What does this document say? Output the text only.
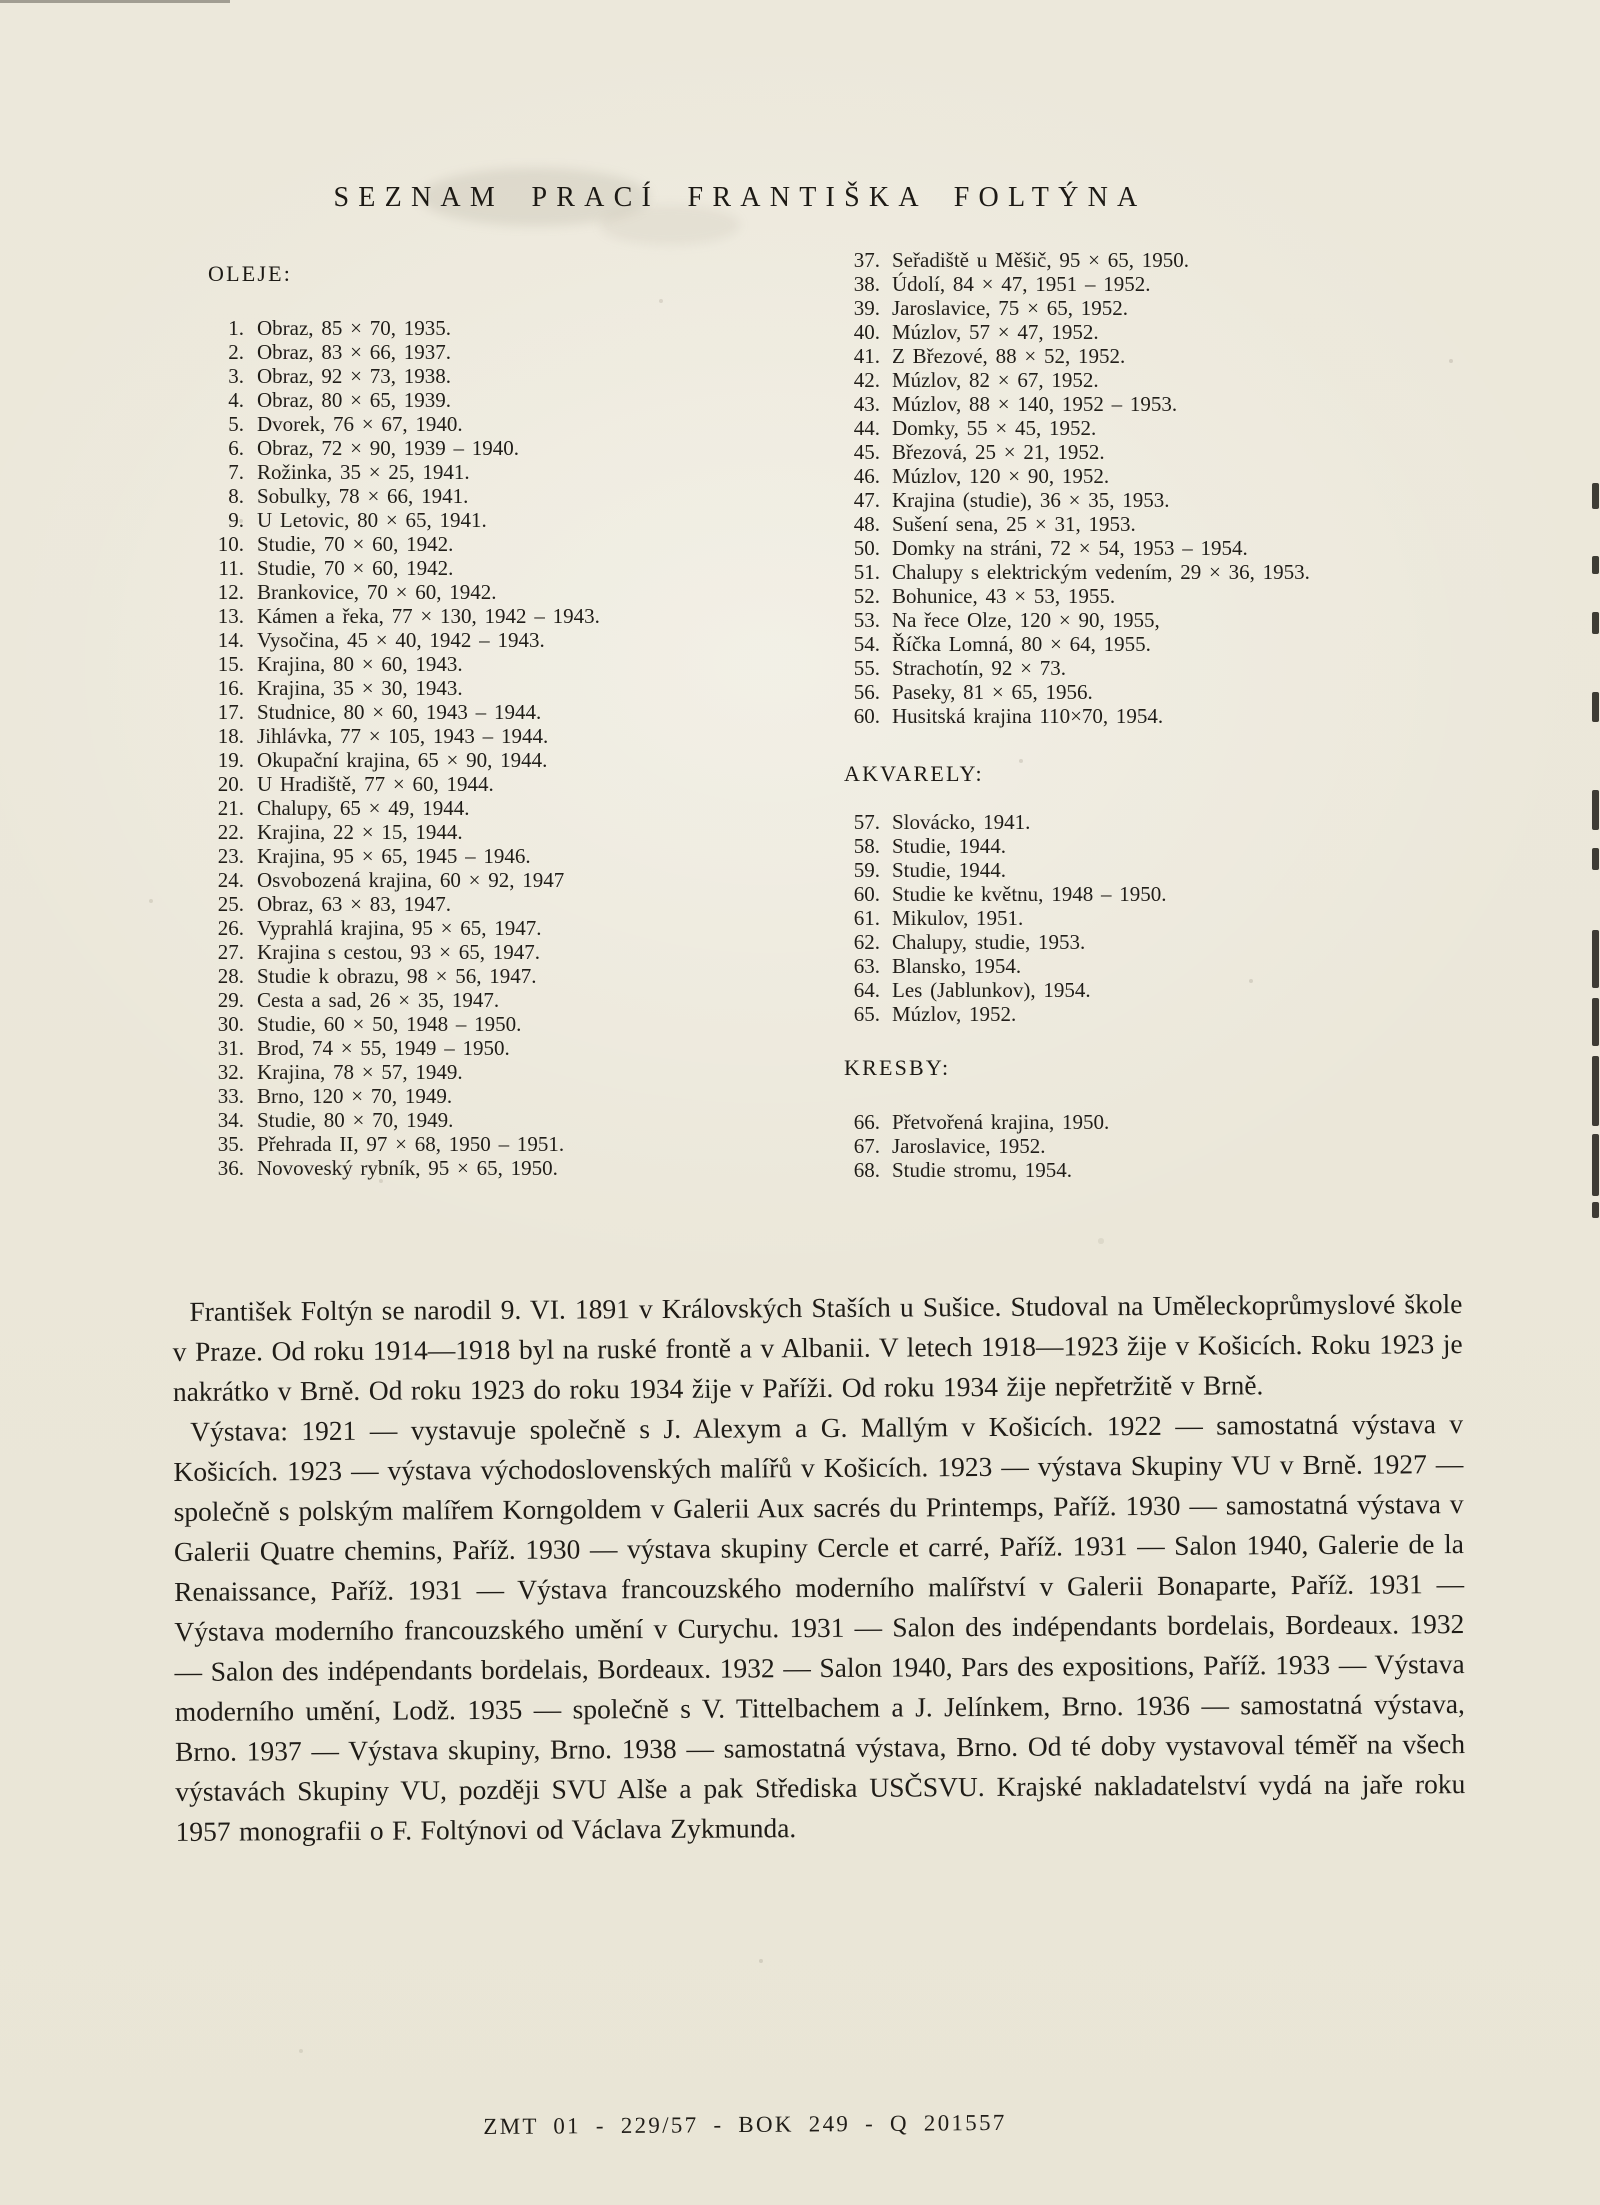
SEZNAM PRACÍ FRANTIŠKA FOLTÝNA
OLEJE:
1. Obraz, 85 × 70, 1935.
2. Obraz, 83 × 66, 1937.
3. Obraz, 92 × 73, 1938.
4. Obraz, 80 × 65, 1939.
5. Dvorek, 76 × 67, 1940.
6. Obraz, 72 × 90, 1939 – 1940.
7. Rožinka, 35 × 25, 1941.
8. Sobulky, 78 × 66, 1941.
9. U Letovic, 80 × 65, 1941.
10. Studie, 70 × 60, 1942.
11. Studie, 70 × 60, 1942.
12. Brankovice, 70 × 60, 1942.
13. Kámen a řeka, 77 × 130, 1942 – 1943.
14. Vysočina, 45 × 40, 1942 – 1943.
15. Krajina, 80 × 60, 1943.
16. Krajina, 35 × 30, 1943.
17. Studnice, 80 × 60, 1943 – 1944.
18. Jihlávka, 77 × 105, 1943 – 1944.
19. Okupační krajina, 65 × 90, 1944.
20. U Hradiště, 77 × 60, 1944.
21. Chalupy, 65 × 49, 1944.
22. Krajina, 22 × 15, 1944.
23. Krajina, 95 × 65, 1945 – 1946.
24. Osvobozená krajina, 60 × 92, 1947
25. Obraz, 63 × 83, 1947.
26. Vyprahlá krajina, 95 × 65, 1947.
27. Krajina s cestou, 93 × 65, 1947.
28. Studie k obrazu, 98 × 56, 1947.
29. Cesta a sad, 26 × 35, 1947.
30. Studie, 60 × 50, 1948 – 1950.
31. Brod, 74 × 55, 1949 – 1950.
32. Krajina, 78 × 57, 1949.
33. Brno, 120 × 70, 1949.
34. Studie, 80 × 70, 1949.
35. Přehrada II, 97 × 68, 1950 – 1951.
36. Novoveský rybník, 95 × 65, 1950.
37. Seřadiště u Měšič, 95 × 65, 1950.
38. Údolí, 84 × 47, 1951 – 1952.
39. Jaroslavice, 75 × 65, 1952.
40. Múzlov, 57 × 47, 1952.
41. Z Březové, 88 × 52, 1952.
42. Múzlov, 82 × 67, 1952.
43. Múzlov, 88 × 140, 1952 – 1953.
44. Domky, 55 × 45, 1952.
45. Březová, 25 × 21, 1952.
46. Múzlov, 120 × 90, 1952.
47. Krajina (studie), 36 × 35, 1953.
48. Sušení sena, 25 × 31, 1953.
50. Domky na stráni, 72 × 54, 1953 – 1954.
51. Chalupy s elektrickým vedením, 29 × 36, 1953.
52. Bohunice, 43 × 53, 1955.
53. Na řece Olze, 120 × 90, 1955,
54. Říčka Lomná, 80 × 64, 1955.
55. Strachotín, 92 × 73.
56. Paseky, 81 × 65, 1956.
60. Husitská krajina 110×70, 1954.
AKVARELY:
57. Slovácko, 1941.
58. Studie, 1944.
59. Studie, 1944.
60. Studie ke květnu, 1948 – 1950.
61. Mikulov, 1951.
62. Chalupy, studie, 1953.
63. Blansko, 1954.
64. Les (Jablunkov), 1954.
65. Múzlov, 1952.
KRESBY:
66. Přetvořená krajina, 1950.
67. Jaroslavice, 1952.
68. Studie stromu, 1954.

František Foltýn se narodil 9. VI. 1891 v Královských Staších u Sušice. Studoval na Uměleckoprůmyslové škole v Praze. Od roku 1914—1918 byl na ruské frontě a v Albanii. V letech 1918—1923 žije v Košicích. Roku 1923 je nakrátko v Brně. Od roku 1923 do roku 1934 žije v Paříži. Od roku 1934 žije nepřetržitě v Brně.

Výstava: 1921 — vystavuje společně s J. Alexym a G. Mallým v Košicích. 1922 — samostatná výstava v Košicích. 1923 — výstava východoslovenských malířů v Košicích. 1923 — výstava Skupiny VU v Brně. 1927 — společně s polským malířem Korngoldem v Galerii Aux sacrés du Printemps, Paříž. 1930 — samostatná výstava v Galerii Quatre chemins, Paříž. 1930 — výstava skupiny Cercle et carré, Paříž. 1931 — Salon 1940, Galerie de la Renaissance, Paříž. 1931 — Výstava francouzského moderního malířství v Galerii Bonaparte, Paříž. 1931 — Výstava moderního francouzského umění v Curychu. 1931 — Salon des indépendants bordelais, Bordeaux. 1932 — Salon des indépendants bordelais, Bordeaux. 1932 — Salon 1940, Pars des expositions, Paříž. 1933 — Výstava moderního umění, Lodž. 1935 — společně s V. Tittelbachem a J. Jelínkem, Brno. 1936 — samostatná výstava, Brno. 1937 — Výstava skupiny, Brno. 1938 — samostatná výstava, Brno. Od té doby vystavoval téměř na všech výstavách Skupiny VU, později SVU Alše a pak Střediska USČSVU. Krajské nakladatelství vydá na jaře roku 1957 monografii o F. Foltýnovi od Václava Zykmunda.

ZMT 01 - 229/57 - BOK 249 - Q 201557
